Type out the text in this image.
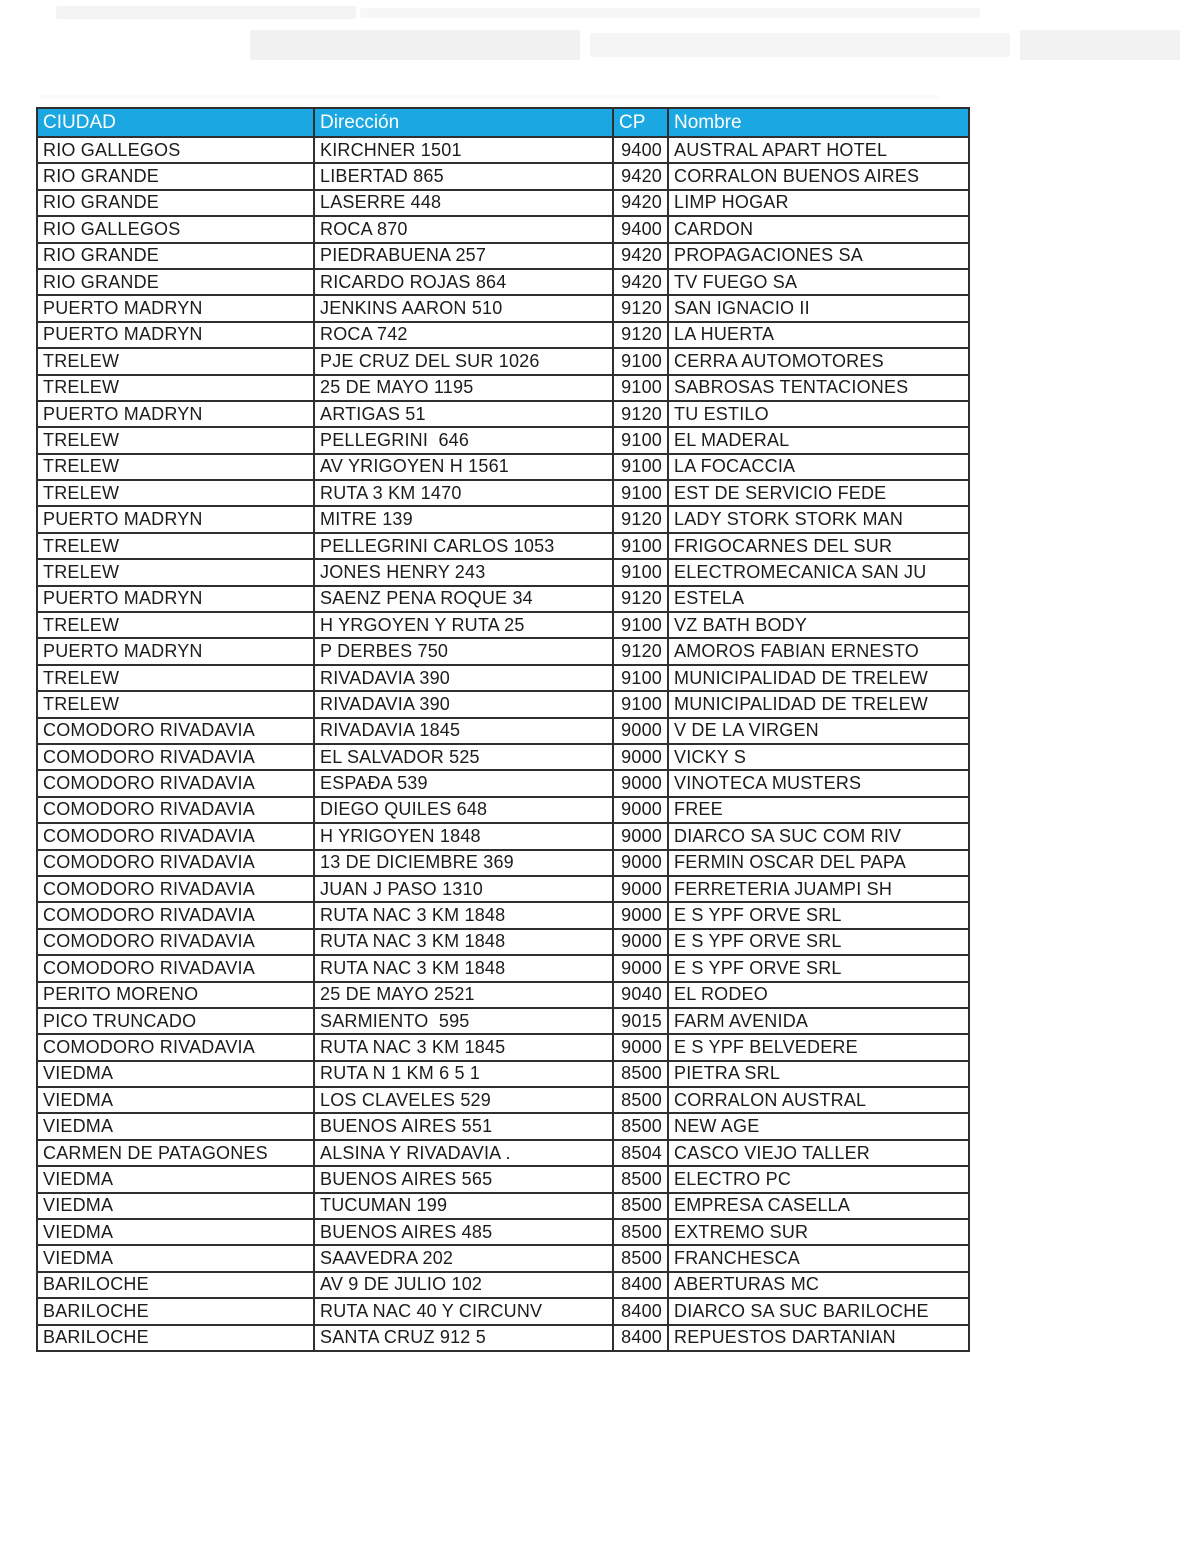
CIUDAD	Dirección	CP	Nombre
RIO GALLEGOS	KIRCHNER 1501	9400	AUSTRAL APART HOTEL
RIO GRANDE	LIBERTAD 865	9420	CORRALON BUENOS AIRES
RIO GRANDE	LASERRE 448	9420	LIMP HOGAR
RIO GALLEGOS	ROCA 870	9400	CARDON
RIO GRANDE	PIEDRABUENA 257	9420	PROPAGACIONES SA
RIO GRANDE	RICARDO ROJAS 864	9420	TV FUEGO SA
PUERTO MADRYN	JENKINS AARON 510	9120	SAN IGNACIO II
PUERTO MADRYN	ROCA 742	9120	LA HUERTA
TRELEW	PJE CRUZ DEL SUR 1026	9100	CERRA AUTOMOTORES
TRELEW	25 DE MAYO 1195	9100	SABROSAS TENTACIONES
PUERTO MADRYN	ARTIGAS 51	9120	TU ESTILO
TRELEW	PELLEGRINI  646	9100	EL MADERAL
TRELEW	AV YRIGOYEN H 1561	9100	LA FOCACCIA
TRELEW	RUTA 3 KM 1470	9100	EST DE SERVICIO FEDE
PUERTO MADRYN	MITRE 139	9120	LADY STORK STORK MAN
TRELEW	PELLEGRINI CARLOS 1053	9100	FRIGOCARNES DEL SUR
TRELEW	JONES HENRY 243	9100	ELECTROMECANICA SAN JU
PUERTO MADRYN	SAENZ PENA ROQUE 34	9120	ESTELA
TRELEW	H YRGOYEN Y RUTA 25	9100	VZ BATH BODY
PUERTO MADRYN	P DERBES 750	9120	AMOROS FABIAN ERNESTO
TRELEW	RIVADAVIA 390	9100	MUNICIPALIDAD DE TRELEW
TRELEW	RIVADAVIA 390	9100	MUNICIPALIDAD DE TRELEW
COMODORO RIVADAVIA	RIVADAVIA 1845	9000	V DE LA VIRGEN
COMODORO RIVADAVIA	EL SALVADOR 525	9000	VICKY S
COMODORO RIVADAVIA	ESPAÐA 539	9000	VINOTECA MUSTERS
COMODORO RIVADAVIA	DIEGO QUILES 648	9000	FREE
COMODORO RIVADAVIA	H YRIGOYEN 1848	9000	DIARCO SA SUC COM RIV
COMODORO RIVADAVIA	13 DE DICIEMBRE 369	9000	FERMIN OSCAR DEL PAPA
COMODORO RIVADAVIA	JUAN J PASO 1310	9000	FERRETERIA JUAMPI SH
COMODORO RIVADAVIA	RUTA NAC 3 KM 1848	9000	E S YPF ORVE SRL
COMODORO RIVADAVIA	RUTA NAC 3 KM 1848	9000	E S YPF ORVE SRL
COMODORO RIVADAVIA	RUTA NAC 3 KM 1848	9000	E S YPF ORVE SRL
PERITO MORENO	25 DE MAYO 2521	9040	EL RODEO
PICO TRUNCADO	SARMIENTO  595	9015	FARM AVENIDA
COMODORO RIVADAVIA	RUTA NAC 3 KM 1845	9000	E S YPF BELVEDERE
VIEDMA	RUTA N 1 KM 6 5 1	8500	PIETRA SRL
VIEDMA	LOS CLAVELES 529	8500	CORRALON AUSTRAL
VIEDMA	BUENOS AIRES 551	8500	NEW AGE
CARMEN DE PATAGONES	ALSINA Y RIVADAVIA .	8504	CASCO VIEJO TALLER
VIEDMA	BUENOS AIRES 565	8500	ELECTRO PC
VIEDMA	TUCUMAN 199	8500	EMPRESA CASELLA
VIEDMA	BUENOS AIRES 485	8500	EXTREMO SUR
VIEDMA	SAAVEDRA 202	8500	FRANCHESCA
BARILOCHE	AV 9 DE JULIO 102	8400	ABERTURAS MC
BARILOCHE	RUTA NAC 40 Y CIRCUNV	8400	DIARCO SA SUC BARILOCHE
BARILOCHE	SANTA CRUZ 912 5	8400	REPUESTOS DARTANIAN
